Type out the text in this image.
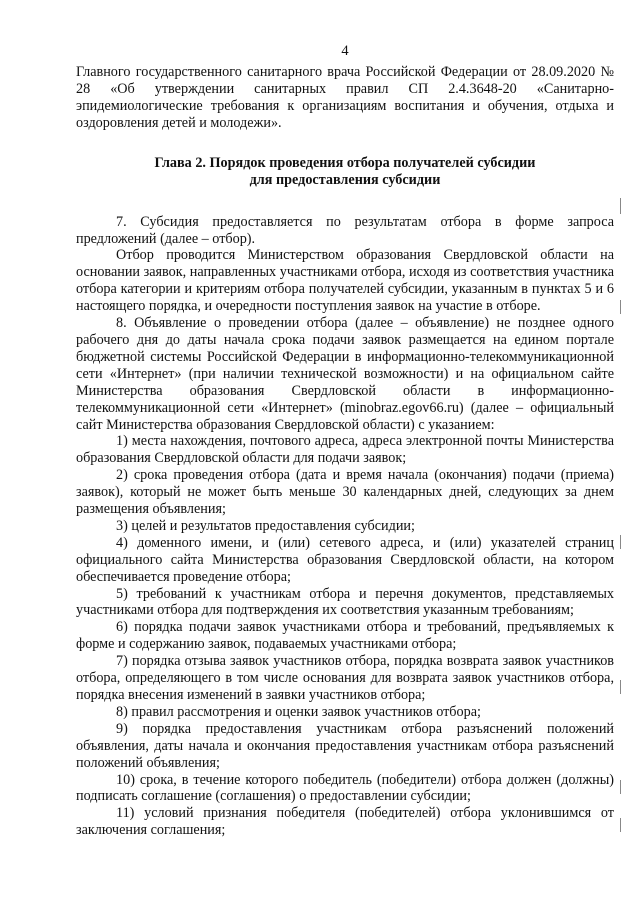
4

Главного государственного санитарного врача Российской Федерации от 28.09.2020 № 28 «Об утверждении санитарных правил СП 2.4.3648-20 «Санитарно-эпидемиологические требования к организациям воспитания и обучения, отдыха и оздоровления детей и молодежи».

Глава 2. Порядок проведения отбора получателей субсидии
для предоставления субсидии

7. Субсидия предоставляется по результатам отбора в форме запроса предложений (далее – отбор).

Отбор проводится Министерством образования Свердловской области на основании заявок, направленных участниками отбора, исходя из соответствия участника отбора категории и критериям отбора получателей субсидии, указанным в пунктах 5 и 6 настоящего порядка, и очередности поступления заявок на участие в отборе.

8. Объявление о проведении отбора (далее – объявление) не позднее одного рабочего дня до даты начала срока подачи заявок размещается на едином портале бюджетной системы Российской Федерации в информационно-телекоммуникационной сети «Интернет» (при наличии технической возможности) и на официальном сайте Министерства образования Свердловской области в информационно-телекоммуникационной сети «Интернет» (minobraz.egov66.ru) (далее – официальный сайт Министерства образования Свердловской области) с указанием:

1) места нахождения, почтового адреса, адреса электронной почты Министерства образования Свердловской области для подачи заявок;

2) срока проведения отбора (дата и время начала (окончания) подачи (приема) заявок), который не может быть меньше 30 календарных дней, следующих за днем размещения объявления;

3) целей и результатов предоставления субсидии;

4) доменного имени, и (или) сетевого адреса, и (или) указателей страниц официального сайта Министерства образования Свердловской области, на котором обеспечивается проведение отбора;

5) требований к участникам отбора и перечня документов, представляемых участниками отбора для подтверждения их соответствия указанным требованиям;

6) порядка подачи заявок участниками отбора и требований, предъявляемых к форме и содержанию заявок, подаваемых участниками отбора;

7) порядка отзыва заявок участников отбора, порядка возврата заявок участников отбора, определяющего в том числе основания для возврата заявок участников отбора, порядка внесения изменений в заявки участников отбора;

8) правил рассмотрения и оценки заявок участников отбора;

9) порядка предоставления участникам отбора разъяснений положений объявления, даты начала и окончания предоставления участникам отбора разъяснений положений объявления;

10) срока, в течение которого победитель (победители) отбора должен (должны) подписать соглашение (соглашения) о предоставлении субсидии;

11) условий признания победителя (победителей) отбора уклонившимся от заключения соглашения;
